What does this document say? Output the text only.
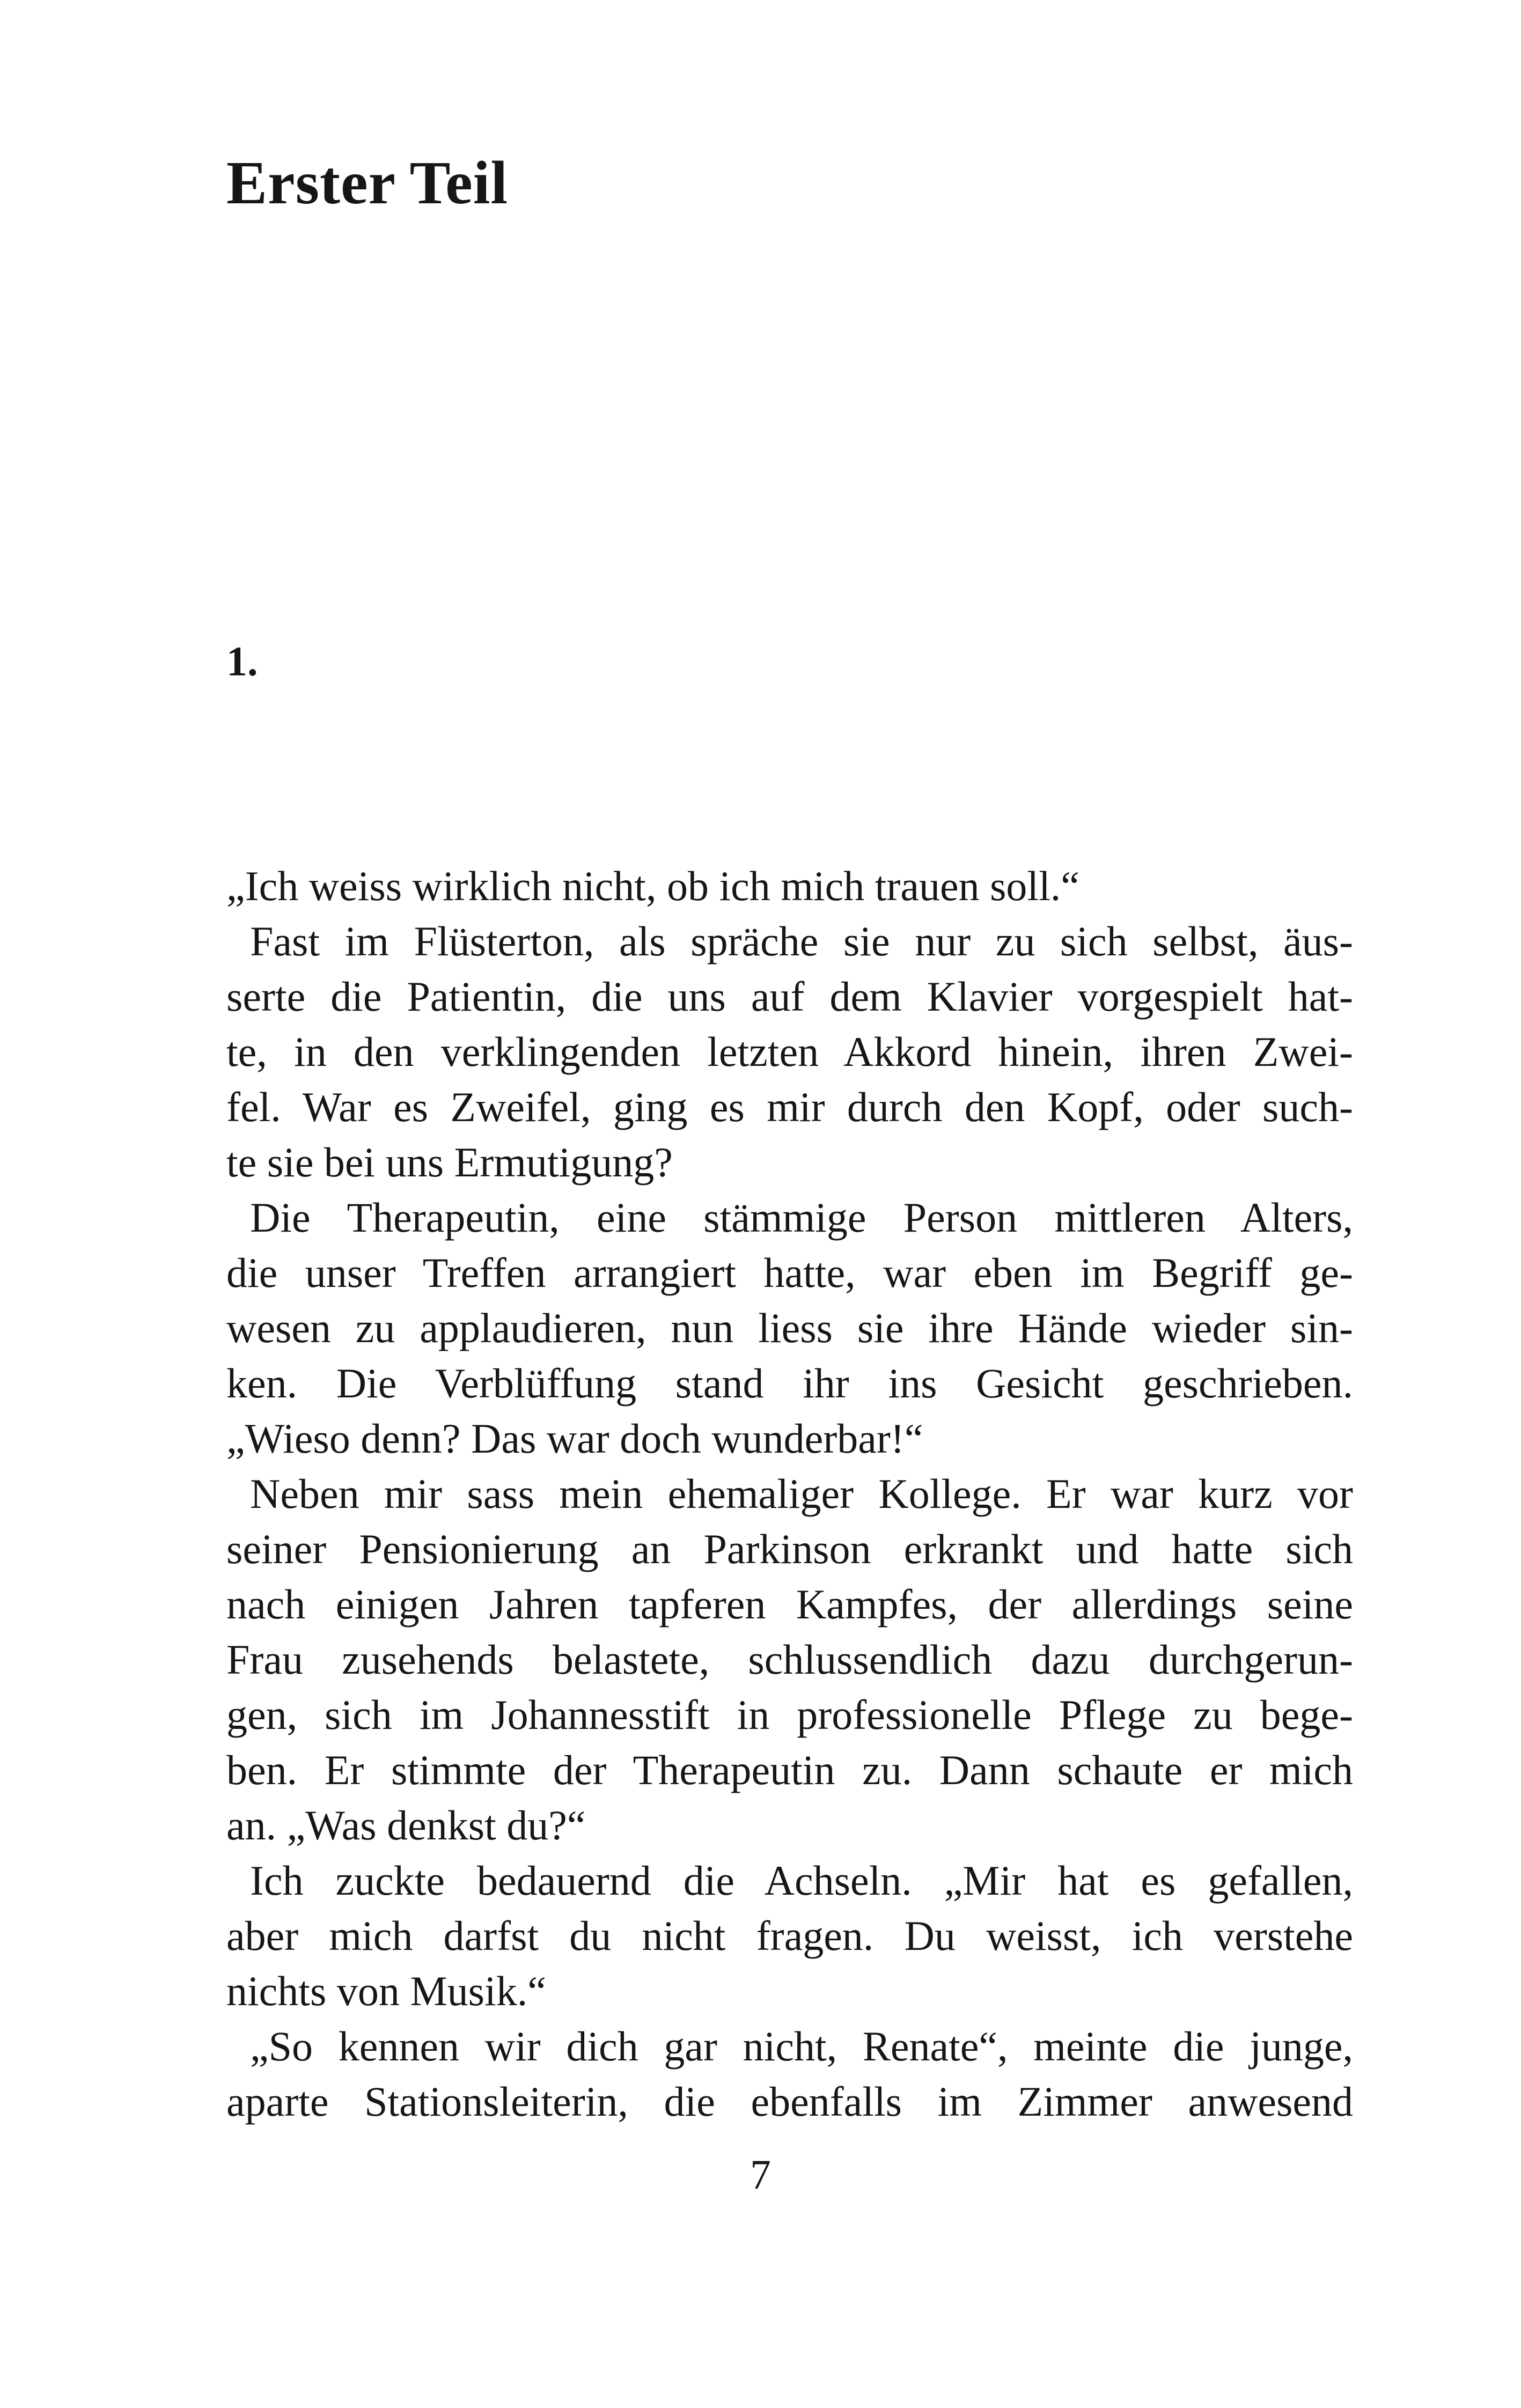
Erster Teil
1.
„Ich weiss wirklich nicht, ob ich mich trauen soll.“
Fast im Flüsterton, als spräche sie nur zu sich selbst, äus-
serte die Patientin, die uns auf dem Klavier vorgespielt hat-
te, in den verklingenden letzten Akkord hinein, ihren Zwei-
fel. War es Zweifel, ging es mir durch den Kopf, oder such-
te sie bei uns Ermutigung?
Die Therapeutin, eine stämmige Person mittleren Alters,
die unser Treffen arrangiert hatte, war eben im Begriff ge-
wesen zu applaudieren, nun liess sie ihre Hände wieder sin-
ken. Die Verblüffung stand ihr ins Gesicht geschrieben.
„Wieso denn? Das war doch wunderbar!“
Neben mir sass mein ehemaliger Kollege. Er war kurz vor
seiner Pensionierung an Parkinson erkrankt und hatte sich
nach einigen Jahren tapferen Kampfes, der allerdings seine
Frau zusehends belastete, schlussendlich dazu durchgerun-
gen, sich im Johannesstift in professionelle Pflege zu bege-
ben. Er stimmte der Therapeutin zu. Dann schaute er mich
an. „Was denkst du?“
Ich zuckte bedauernd die Achseln. „Mir hat es gefallen,
aber mich darfst du nicht fragen. Du weisst, ich verstehe
nichts von Musik.“
„So kennen wir dich gar nicht, Renate“, meinte die junge,
aparte Stationsleiterin, die ebenfalls im Zimmer anwesend
7
